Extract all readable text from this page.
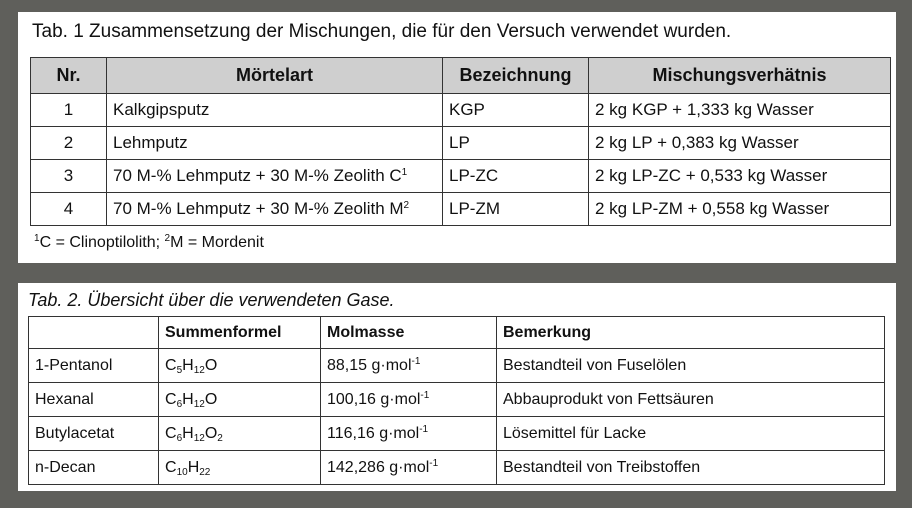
Tab. 1 Zusammensetzung der Mischungen, die für den Versuch verwendet wurden.
Nr.	Mörtelart	Bezeichnung	Mischungsverhätnis
1	Kalkgipsputz	KGP	2 kg KGP + 1,333 kg Wasser
2	Lehmputz	LP	2 kg LP + 0,383 kg Wasser
3	70 M-% Lehmputz + 30 M-% Zeolith $C^1$	LP-ZC	2 kg LP-ZC + 0,533 kg Wasser
4	70 M-% Lehmputz + 30 M-% Zeolith $M^2$	LP-ZM	2 kg LP-ZM + 0,558 kg Wasser
$^1$C = Clinoptilolith; $^2$M = Mordenit
Tab. 2. Übersicht über die verwendeten Gase.
	Summenformel	Molmasse	Bemerkung
1-Pentanol	$C_5H_{12}O$	88,15 g·mol$^{-1}$	Bestandteil von Fuselölen
Hexanal	$C_6H_{12}O$	100,16 g·mol$^{-1}$	Abbauprodukt von Fettsäuren
Butylacetat	$C_6H_{12}O_2$	116,16 g·mol$^{-1}$	Lösemittel für Lacke
n-Decan	$C_{10}H_{22}$	142,286 g·mol$^{-1}$	Bestandteil von Treibstoffen
